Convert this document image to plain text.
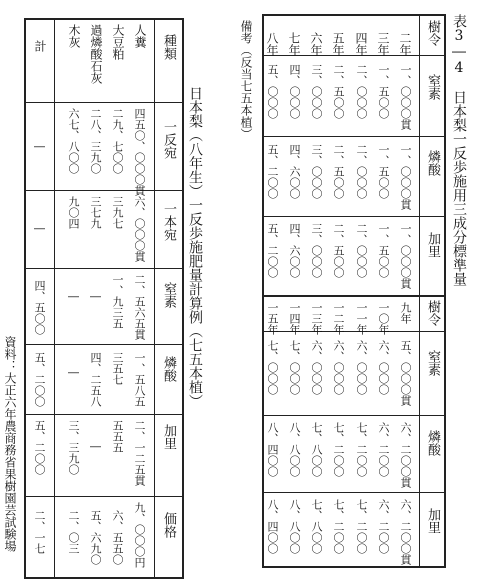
表3―4　日本梨一反歩施用三成分標準量
樹令
窒素
燐酸
加里
樹令
窒素
燐酸
加里
二年
三年
四年
五年
六年
七年
八年
一、〇〇〇貫
一、五〇〇
二、〇〇〇
二、五〇〇
三、〇〇〇
四、〇〇〇
五、〇〇〇
一、〇〇〇貫
一、五〇〇
二、〇〇〇
二、五〇〇
三、〇〇〇
四、六〇〇
五、二〇〇
一、〇〇〇貫
一、五〇〇
二、〇〇〇
二、五〇〇
三、〇〇〇
四、六〇〇
五、二〇〇
九年
一〇年
一一年
一二年
一三年
一四年
一五年
五、〇〇〇貫
六、〇〇〇
六、〇〇〇
六、〇〇〇
六、〇〇〇
七、〇〇〇
七、〇〇〇
六、二〇〇貫
六、二〇〇
七、二〇〇
七、二〇〇
七、八〇〇
八、八〇〇
八、四〇〇
六、二〇〇貫
六、二〇〇
七、二〇〇
七、二〇〇
七、八〇〇
八、八〇〇
八、四〇〇
備考（反当七五本植）
日本梨（八年生）一反歩施肥量計算例（七五本植）
種類
一反宛
一本宛
窒素
燐酸
加里
価格
人糞
大豆粕
過燐酸石灰
木灰
計
四五〇、〇〇〇貫
二九、七〇〇
二八、三九〇
六七、八〇〇
―
六、〇〇〇貫
三九七
三七九
九〇四
―
二、五六五貫
一、九三五
―
―
四、五〇〇
一、五八五
三五七
四、二五八
―
五、二〇〇
二、一二五貫
五五五
―
三、三九〇
五、二〇〇
九、〇〇〇円
六、五五〇
五、六九〇
二、〇三
二、一七
資料：大正六年農商務省果樹園芸試験場
